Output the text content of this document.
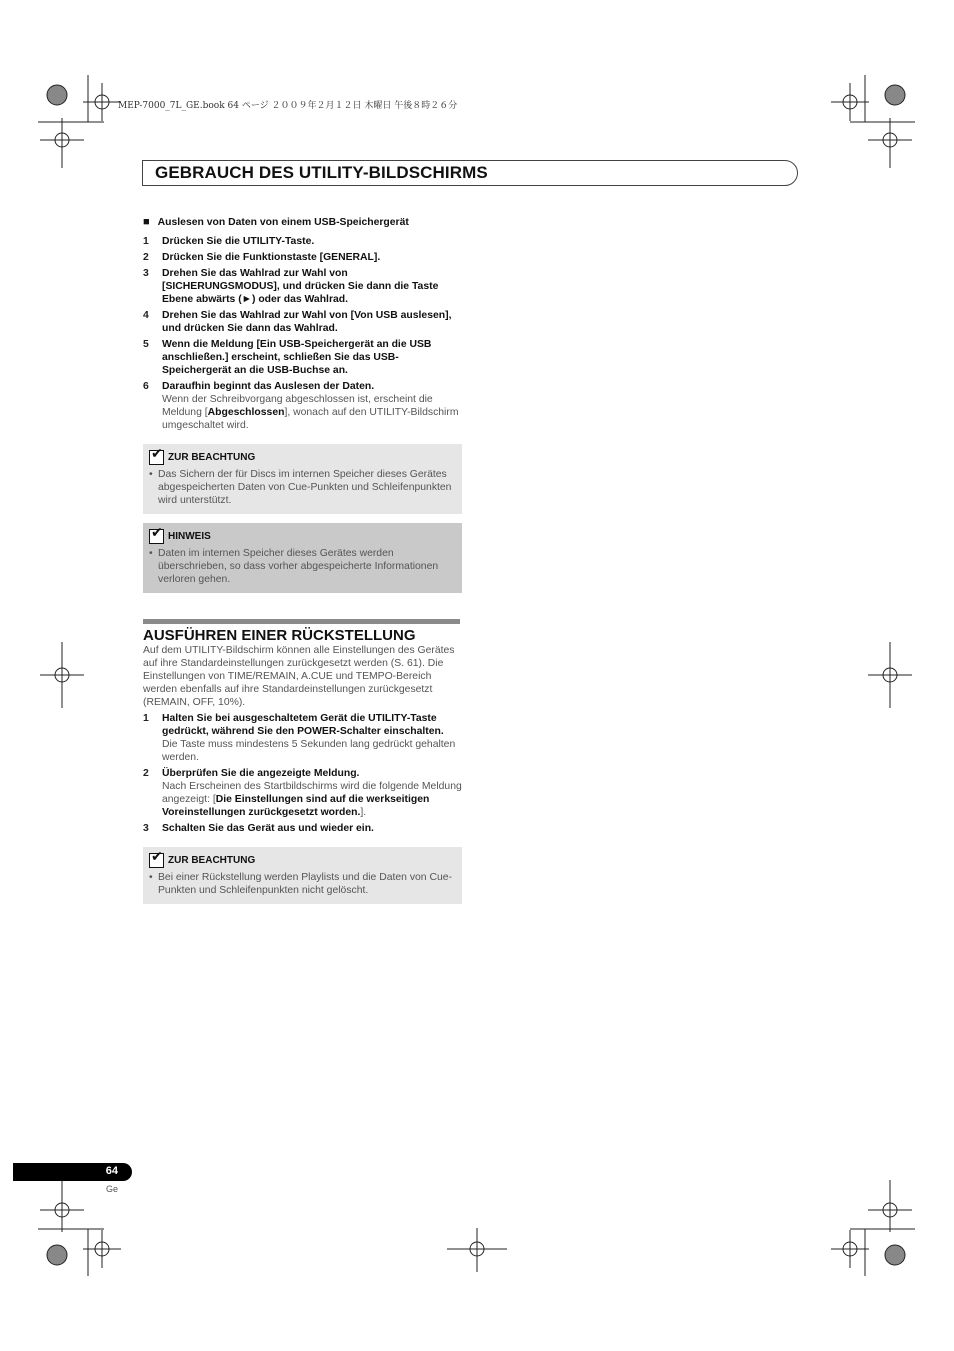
MEP-7000_7L_GE.book 64 ページ ２００９年２月１２日 木曜日 午後８時２６分
GEBRAUCH DES UTILITY-BILDSCHIRMS
■ Auslesen von Daten von einem USB-Speichergerät
1	Drücken Sie die UTILITY-Taste.
2	Drücken Sie die Funktionstaste [GENERAL].
3	Drehen Sie das Wahlrad zur Wahl von [SICHERUNGSMODUS], und drücken Sie dann die Taste Ebene abwärts (►) oder das Wahlrad.
4	Drehen Sie das Wahlrad zur Wahl von [Von USB auslesen], und drücken Sie dann das Wahlrad.
5	Wenn die Meldung [Ein USB-Speichergerät an die USB anschließen.] erscheint, schließen Sie das USB-Speichergerät an die USB-Buchse an.
6	Daraufhin beginnt das Auslesen der Daten.
Wenn der Schreibvorgang abgeschlossen ist, erscheint die Meldung [Abgeschlossen], wonach auf den UTILITY-Bildschirm umgeschaltet wird.
✔ ZUR BEACHTUNG
• Das Sichern der für Discs im internen Speicher dieses Gerätes abgespeicherten Daten von Cue-Punkten und Schleifenpunkten wird unterstützt.
✔ HINWEIS
• Daten im internen Speicher dieses Gerätes werden überschrieben, so dass vorher abgespeicherte Informationen verloren gehen.
AUSFÜHREN EINER RÜCKSTELLUNG

Auf dem UTILITY-Bildschirm können alle Einstellungen des Gerätes auf ihre Standardeinstellungen zurückgesetzt werden (S. 61). Die Einstellungen von TIME/REMAIN, A.CUE und TEMPO-Bereich werden ebenfalls auf ihre Standardeinstellungen zurückgesetzt (REMAIN, OFF, 10%).

1	Halten Sie bei ausgeschaltetem Gerät die UTILITY-Taste gedrückt, während Sie den POWER-Schalter einschalten.
Die Taste muss mindestens 5 Sekunden lang gedrückt gehalten werden.
2	Überprüfen Sie die angezeigte Meldung.
Nach Erscheinen des Startbildschirms wird die folgende Meldung angezeigt: [Die Einstellungen sind auf die werkseitigen Voreinstellungen zurückgesetzt worden.].
3	Schalten Sie das Gerät aus und wieder ein.
✔ ZUR BEACHTUNG
• Bei einer Rückstellung werden Playlists und die Daten von Cue-Punkten und Schleifenpunkten nicht gelöscht.
64
Ge
